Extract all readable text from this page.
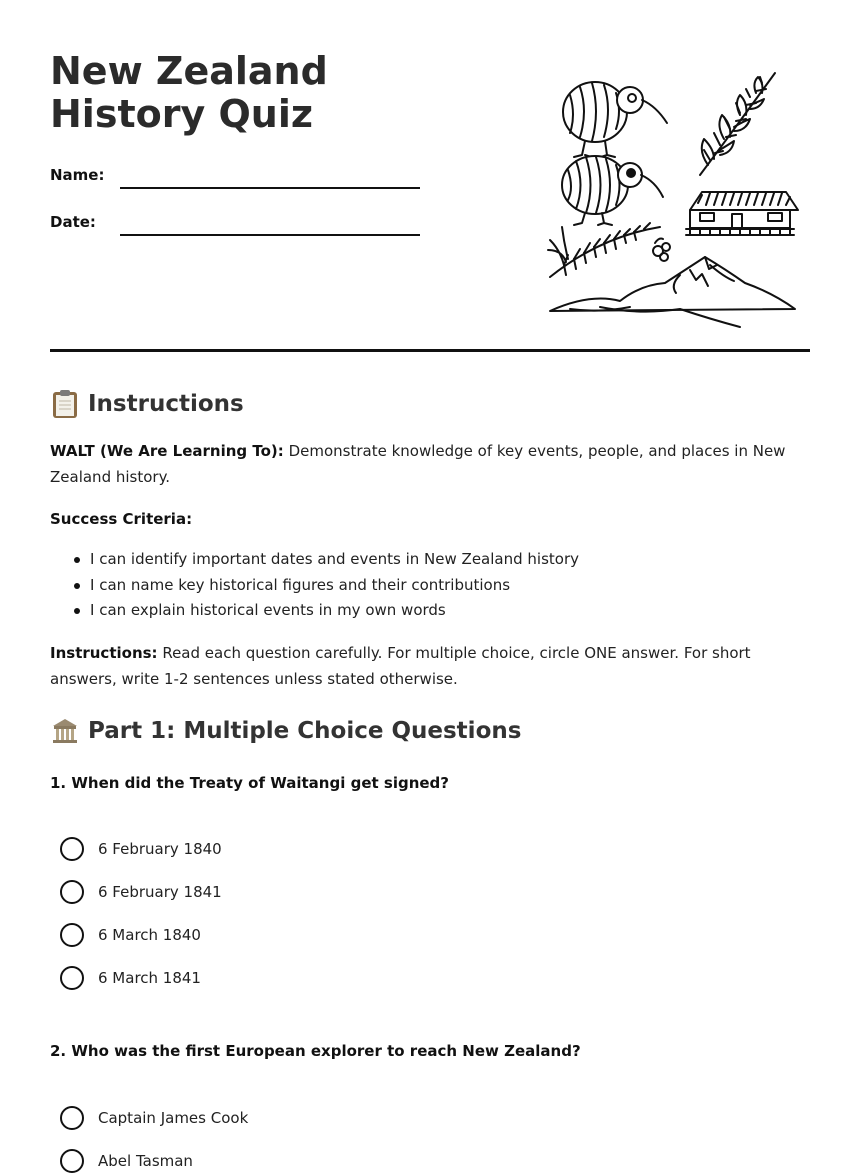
New Zealand History Quiz
Name:
Date:
Instructions
WALT (We Are Learning To): Demonstrate knowledge of key events, people, and places in New Zealand history.
Success Criteria:
I can identify important dates and events in New Zealand history
I can name key historical figures and their contributions
I can explain historical events in my own words
Instructions: Read each question carefully. For multiple choice, circle ONE answer. For short answers, write 1-2 sentences unless stated otherwise.
Part 1: Multiple Choice Questions
1. When did the Treaty of Waitangi get signed?
6 February 1840
6 February 1841
6 March 1840
6 March 1841
2. Who was the first European explorer to reach New Zealand?
Captain James Cook
Abel Tasman
